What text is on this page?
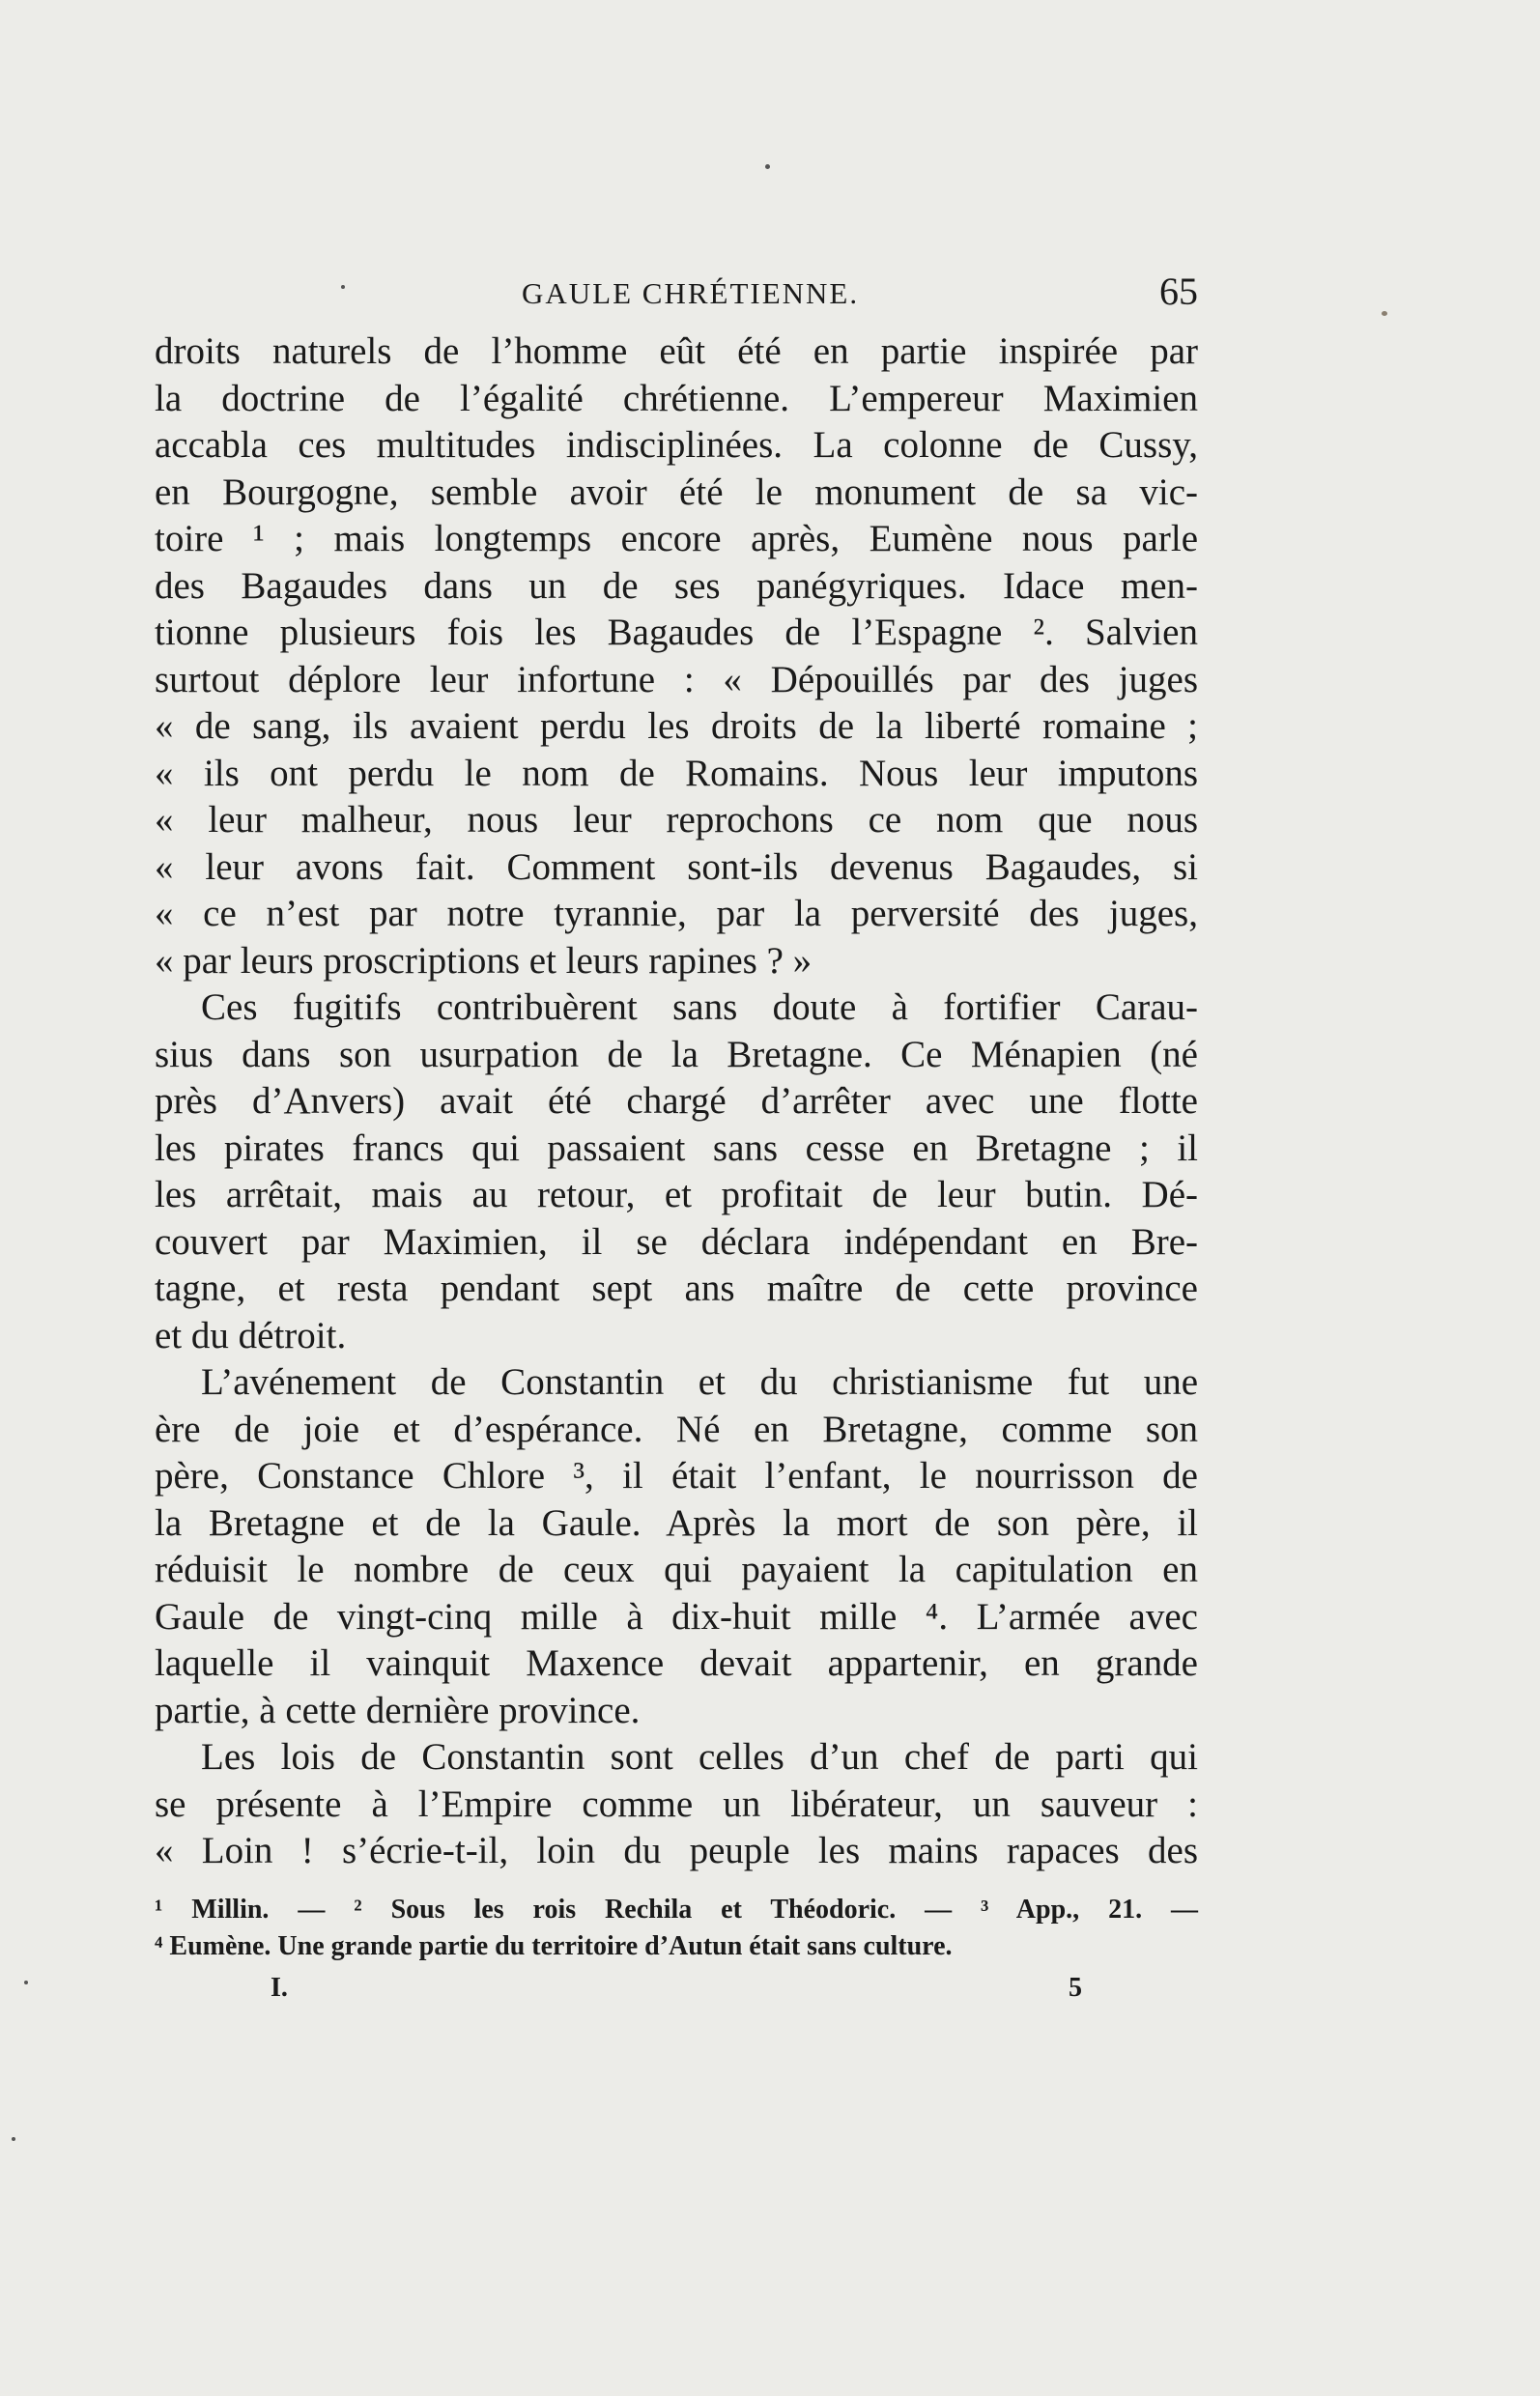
GAULE CHRÉTIENNE.	65
droits naturels de l’homme eût été en partie inspirée par
la doctrine de l’égalité chrétienne. L’empereur Maximien
accabla ces multitudes indisciplinées. La colonne de Cussy,
en Bourgogne, semble avoir été le monument de sa vic-
toire ¹ ; mais longtemps encore après, Eumène nous parle
des Bagaudes dans un de ses panégyriques. Idace men-
tionne plusieurs fois les Bagaudes de l’Espagne ². Salvien
surtout déplore leur infortune : « Dépouillés par des juges
« de sang, ils avaient perdu les droits de la liberté romaine ;
« ils ont perdu le nom de Romains. Nous leur imputons
« leur malheur, nous leur reprochons ce nom que nous
« leur avons fait. Comment sont-ils devenus Bagaudes, si
« ce n’est par notre tyrannie, par la perversité des juges,
« par leurs proscriptions et leurs rapines ? »
Ces fugitifs contribuèrent sans doute à fortifier Carau-
sius dans son usurpation de la Bretagne. Ce Ménapien (né
près d’Anvers) avait été chargé d’arrêter avec une flotte
les pirates francs qui passaient sans cesse en Bretagne ; il
les arrêtait, mais au retour, et profitait de leur butin. Dé-
couvert par Maximien, il se déclara indépendant en Bre-
tagne, et resta pendant sept ans maître de cette province
et du détroit.
L’avénement de Constantin et du christianisme fut une
ère de joie et d’espérance. Né en Bretagne, comme son
père, Constance Chlore ³, il était l’enfant, le nourrisson de
la Bretagne et de la Gaule. Après la mort de son père, il
réduisit le nombre de ceux qui payaient la capitulation en
Gaule de vingt-cinq mille à dix-huit mille ⁴. L’armée avec
laquelle il vainquit Maxence devait appartenir, en grande
partie, à cette dernière province.
Les lois de Constantin sont celles d’un chef de parti qui
se présente à l’Empire comme un libérateur, un sauveur :
« Loin ! s’écrie-t-il, loin du peuple les mains rapaces des
¹ Millin. — ² Sous les rois Rechila et Théodoric. — ³ App., 21. —
⁴ Eumène. Une grande partie du territoire d’Autun était sans culture.
I.	5
